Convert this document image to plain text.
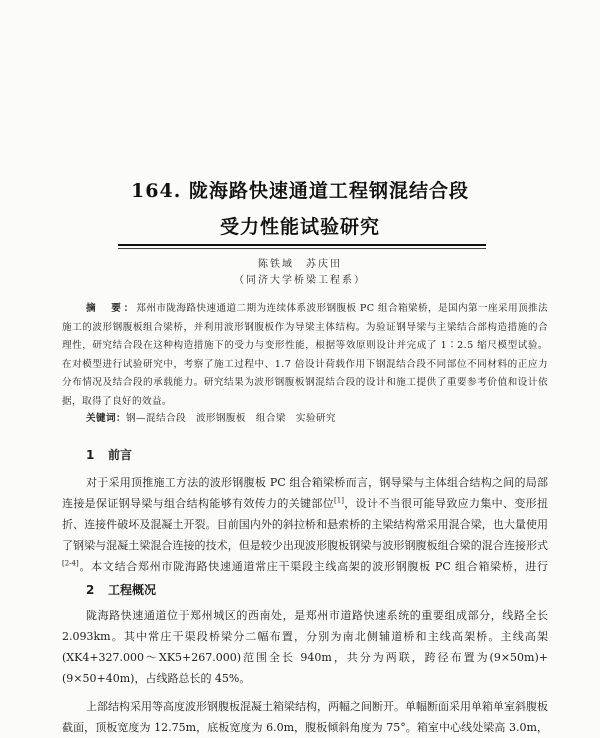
164. 陇海路快速通道工程钢混结合段
受力性能试验研究
陈铁域　苏庆田
（同济大学桥梁工程系）
摘　要：郑州市陇海路快速通道二期为连续体系波形钢腹板 PC 组合箱梁桥，是国内第一座采用顶推法施工的波形钢腹板组合梁桥，并利用波形钢腹板作为导梁主体结构。为验证钢导梁与主梁结合部构造措施的合理性，研究结合段在这种构造措施下的受力与变形性能，根据等效原则设计并完成了 1∶2.5 缩尺模型试验。在对模型进行试验研究中，考察了施工过程中、1.7 倍设计荷载作用下钢混结合段不同部位不同材料的正应力分布情况及结合段的承载能力。研究结果为波形钢腹板钢混结合段的设计和施工提供了重要参考价值和设计依据，取得了良好的效益。
关键词：钢—混结合段　波形钢腹板　组合梁　实验研究
1 前言
对于采用顶推施工方法的波形钢腹板 PC 组合箱梁桥而言，钢导梁与主体组合结构之间的局部连接是保证钢导梁与组合结构能够有效传力的关键部位[1]，设计不当很可能导致应力集中、变形扭折、连接件破坏及混凝土开裂。目前国内外的斜拉桥和悬索桥的主梁结构常采用混合梁，也大量使用了钢梁与混凝土梁混合连接的技术，但是较少出现波形腹板钢梁与波形钢腹板组合梁的混合连接形式[2-4]。本文结合郑州市陇海路快速通道常庄干渠段主线高架的波形钢腹板 PC 组合箱梁桥，进行
2 工程概况
陇海路快速通道位于郑州城区的西南处，是郑州市道路快速系统的重要组成部分，线路全长 2.093km。其中常庄干渠段桥梁分二幅布置，分别为南北侧辅道桥和主线高架桥。主线高架(XK4+327.000～XK5+267.000)范围全长 940m，共分为两联，跨径布置为(9×50m)+(9×50+40m)，占线路总长的 45%。
上部结构采用等高度波形钢腹板混凝土箱梁结构，两幅之间断开。单幅断面采用单箱单室斜腹板截面，顶板宽度为 12.75m，底板宽度为 6.0m，腹板倾斜角度为 75°。箱室中心线处梁高 3.0m，
